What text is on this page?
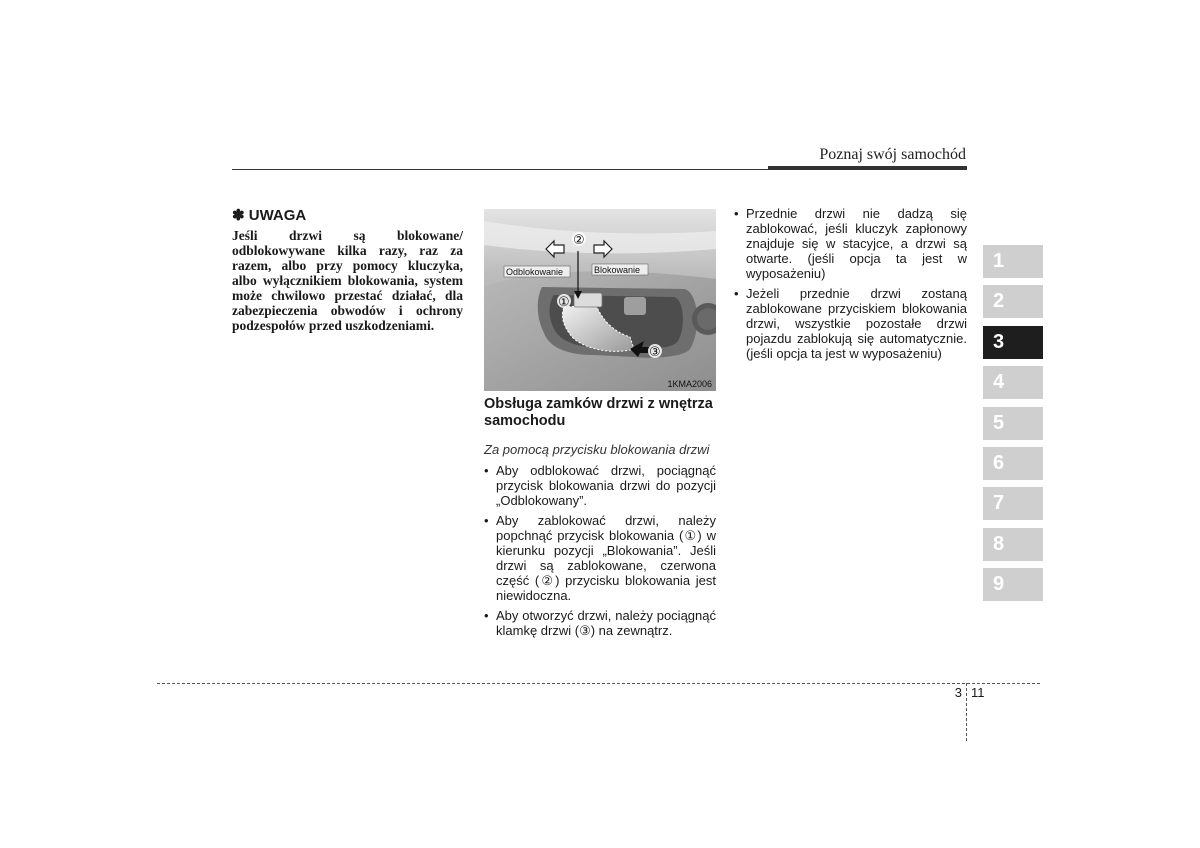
Poznaj swój samochód
✽ UWAGA
Jeśli drzwi są blokowane/ odblokowywane kilka razy, raz za razem, albo przy pomocy kluczyka, albo wyłącznikiem blokowania, system może chwilowo przestać działać, dla zabezpieczenia obwodów i ochrony podzespołów przed uszkodzeniami.
Odblokowanie	Blokowanie
②
①
③
1KMA2006
Obsługa zamków drzwi z wnętrza samochodu
Za pomocą przycisku blokowania drzwi
• Aby odblokować drzwi, pociągnąć przycisk blokowania drzwi do pozycji „Odblokowany”.
• Aby zablokować drzwi, należy popchnąć przycisk blokowania (①) w kierunku pozycji „Blokowania”. Jeśli drzwi są zablokowane, czerwona część (②) przycisku blokowania jest niewidoczna.
• Aby otworzyć drzwi, należy pociągnąć klamkę drzwi (③) na zewnątrz.
• Przednie drzwi nie dadzą się zablokować, jeśli kluczyk zapłonowy znajduje się w stacyjce, a drzwi są otwarte. (jeśli opcja ta jest w wyposażeniu)
• Jeżeli przednie drzwi zostaną zablokowane przyciskiem blokowania drzwi, wszystkie pozostałe drzwi pojazdu zablokują się automatycznie. (jeśli opcja ta jest w wyposażeniu)
1
2
3
4
5
6
7
8
9
3 11
